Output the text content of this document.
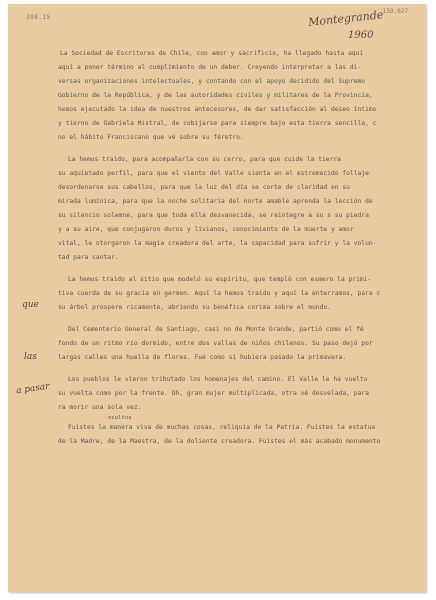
398.15
159.027
Montegrande
1960
La Sociedad de Escritores de Chile, con amor y sacrificio, ha llegado hasta aqui
aquí a poner término al cumplimiento de un deber. Creyendo interpretar a las di-
versas organizaciones intelectuales, y contando con el apoyo decidido del Supremo
Gobierno de la República, y de las autoridades civiles y militares de la Provincia,
hemos ejecutado la idea de nuestros antecesores, de dar satisfacción al deseo íntimo
y tierno de Gabriela Mistral, de cobijarse para siempre bajo esta tierra sencilla, c
no el hábito Franciscano que vé sobre su féretro.
La hemos traído, para acompañarla con su cerro, para que cuide la tierra
su aquietado perfil, para que el viento del Valle sienta en el estremecido follaje
desordenarse sus cabellos, para que la luz del día se corte de claridad en su
mirada lumínica, para que la noche solitaria del norte amable aprenda la lección de
su silencio solemne, para que toda ella desvanecida, se reintegre a su s su piedra
y a su aire, que conjugaron duros y livianos, conocimiento de la muerte y amor
vital, le otorgaron la magia creadora del arte, la capacidad para sufrir y la volun-
tad para cantar.
La hemos traído al sitio que modeló su espíritu, que templó con esmero la primi-
tiva cuerda de su gracia en germen. Aquí la hemos traído y aquí la enterramos, para c
su árbol prospere ricamente, abriendo su benéfica corima sobre el mundo.
Del Cementerio General de Santiago, casi no de Monte Grande, partió como el fé
fondo de un ritmo río dormido, entre dos vallas de niños chilenos. Su paso dejó por
largas calles una huella de flores. Fué como si hubiera pasado la primavera.
Los pueblos le vieron tributado los homenajes del camino. El Valle le ha vuelto
su vuelta como por la frente. Oh, gran mujer multiplicada, otra vé desvelada, para
ra morir una sola vez.
ocultos
Fuistes la manera viva de muchas cosas, reliquia de la Patria. Fuistes la estatua
de la Madre, de la Maestra, de la doliente creadora. Fuistes el más acabado monumento
que
las
a pasar
